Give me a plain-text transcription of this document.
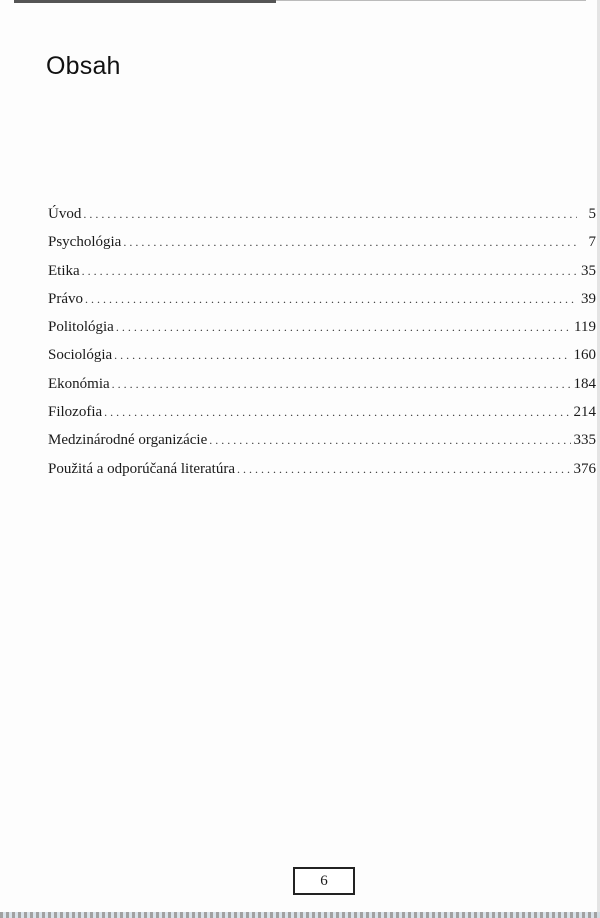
Obsah
Úvod . . .	5
Psychológia . . .	7
Etika . . .	35
Právo . . .	39
Politológia . . .	119
Sociológia . . .	160
Ekonómia . . .	184
Filozofia . . .	214
Medzinárodné organizácie . . .	335
Použitá a odporúčaná literatúra . . .	376
6
